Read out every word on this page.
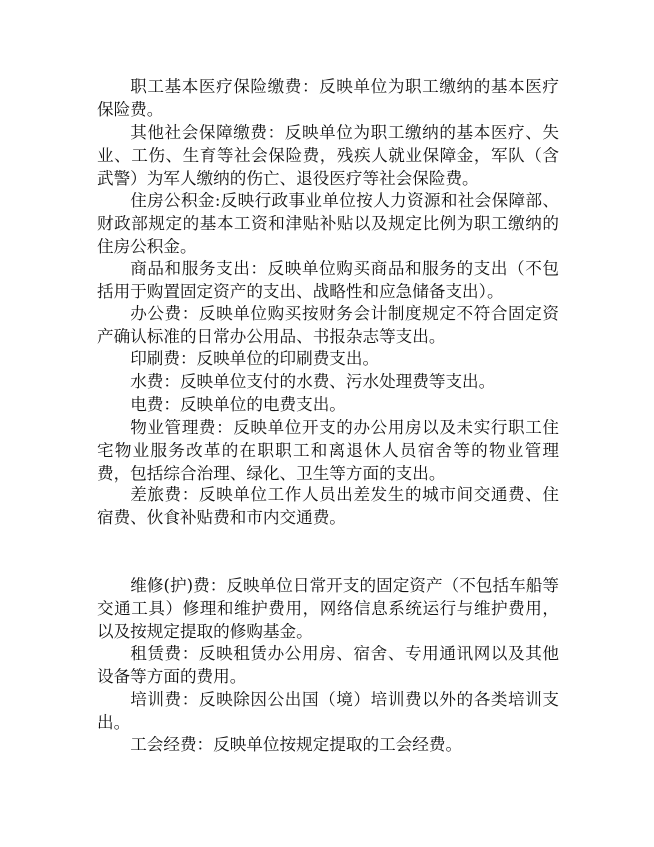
职工基本医疗保险缴费：反映单位为职工缴纳的基本医疗保险费。

其他社会保障缴费：反映单位为职工缴纳的基本医疗、失业、工伤、生育等社会保险费，残疾人就业保障金，军队（含武警）为军人缴纳的伤亡、退役医疗等社会保险费。

住房公积金:反映行政事业单位按人力资源和社会保障部、财政部规定的基本工资和津贴补贴以及规定比例为职工缴纳的住房公积金。

商品和服务支出：反映单位购买商品和服务的支出（不包括用于购置固定资产的支出、战略性和应急储备支出）。

办公费：反映单位购买按财务会计制度规定不符合固定资产确认标准的日常办公用品、书报杂志等支出。

印刷费：反映单位的印刷费支出。

水费：反映单位支付的水费、污水处理费等支出。

电费：反映单位的电费支出。

物业管理费：反映单位开支的办公用房以及未实行职工住宅物业服务改革的在职职工和离退休人员宿舍等的物业管理费，包括综合治理、绿化、卫生等方面的支出。

差旅费：反映单位工作人员出差发生的城市间交通费、住宿费、伙食补贴费和市内交通费。

维修(护)费：反映单位日常开支的固定资产（不包括车船等交通工具）修理和维护费用，网络信息系统运行与维护费用，以及按规定提取的修购基金。

租赁费：反映租赁办公用房、宿舍、专用通讯网以及其他设备等方面的费用。

培训费：反映除因公出国（境）培训费以外的各类培训支出。

工会经费：反映单位按规定提取的工会经费。
